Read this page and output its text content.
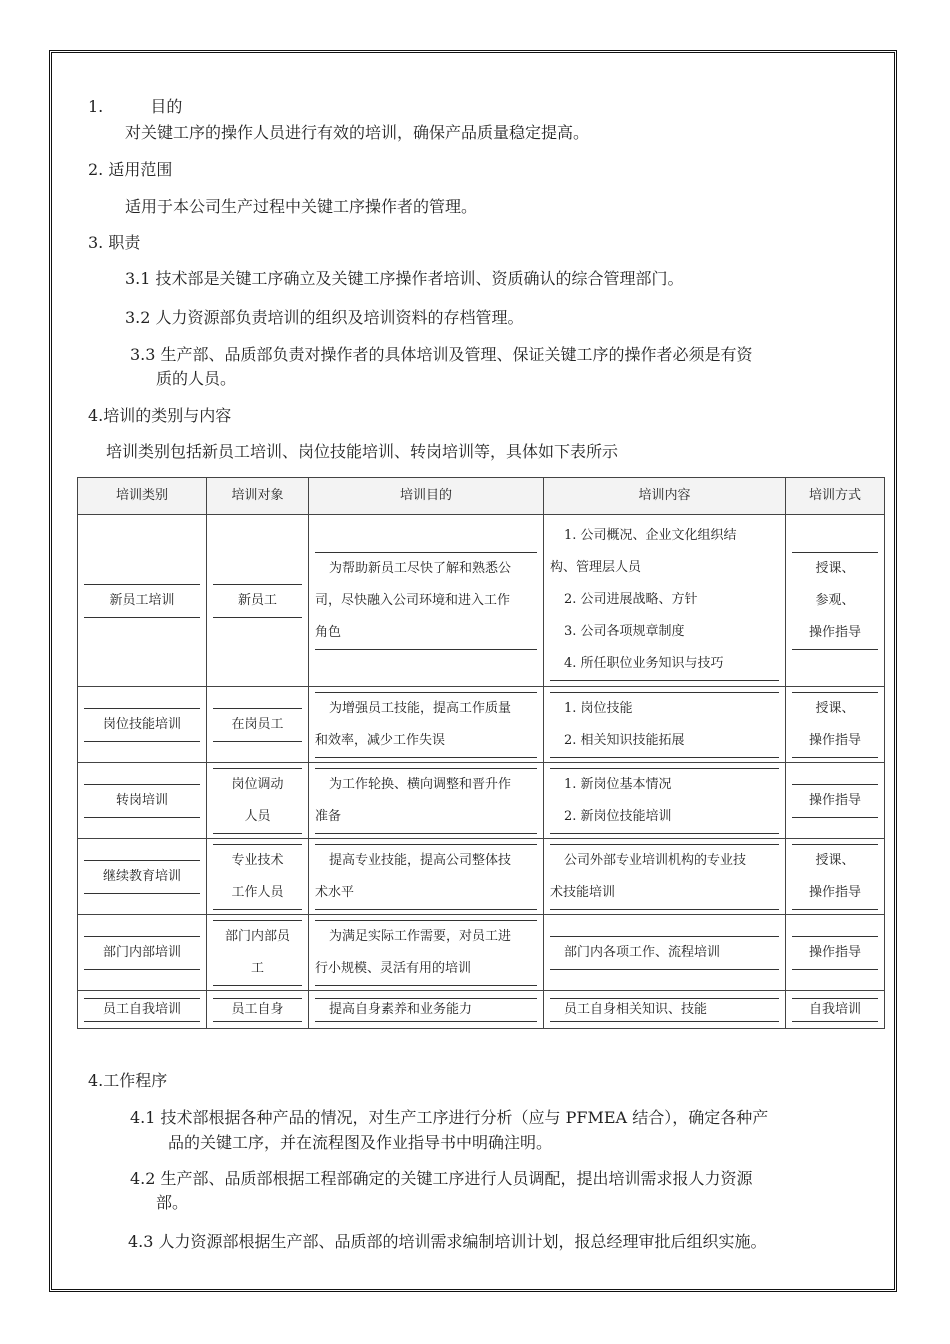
1.	目的
对关键工序的操作人员进行有效的培训，确保产品质量稳定提高。
2. 适用范围
适用于本公司生产过程中关键工序操作者的管理。
3. 职责
3.1 技术部是关键工序确立及关键工序操作者培训、资质确认的综合管理部门。
3.2 人力资源部负责培训的组织及培训资料的存档管理。
3.3 生产部、品质部负责对操作者的具体培训及管理、保证关键工序的操作者必须是有资
质的人员。
4.培训的类别与内容
培训类别包括新员工培训、岗位技能培训、转岗培训等，具体如下表所示
培训类别	培训对象	培训目的	培训内容	培训方式

新员工培训	新员工	为帮助新员工尽快了解和熟悉公
司，尽快融入公司环境和进入工作
角色	1. 公司概况、企业文化组织结
构、管理层人员
2. 公司进展战略、方针
3. 公司各项规章制度
4. 所任职位业务知识与技巧	授课、
参观、
操作指导

岗位技能培训	在岗员工	为增强员工技能，提高工作质量
和效率，减少工作失误	1. 岗位技能
2. 相关知识技能拓展	授课、
操作指导

转岗培训	岗位调动
人员	为工作轮换、横向调整和晋升作
准备	1. 新岗位基本情况
2. 新岗位技能培训	操作指导

继续教育培训	专业技术
工作人员	提高专业技能，提高公司整体技
术水平	公司外部专业培训机构的专业技
术技能培训	授课、
操作指导

部门内部培训	部门内部员
工	为满足实际工作需要，对员工进
行小规模、灵活有用的培训	部门内各项工作、流程培训	操作指导

员工自我培训	员工自身	提高自身素养和业务能力	员工自身相关知识、技能	自我培训
4.工作程序
4.1 技术部根据各种产品的情况，对生产工序进行分析（应与 PFMEA 结合），确定各种产
品的关键工序，并在流程图及作业指导书中明确注明。
4.2 生产部、品质部根据工程部确定的关键工序进行人员调配，提出培训需求报人力资源
部。
4.3 人力资源部根据生产部、品质部的培训需求编制培训计划，报总经理审批后组织实施。
